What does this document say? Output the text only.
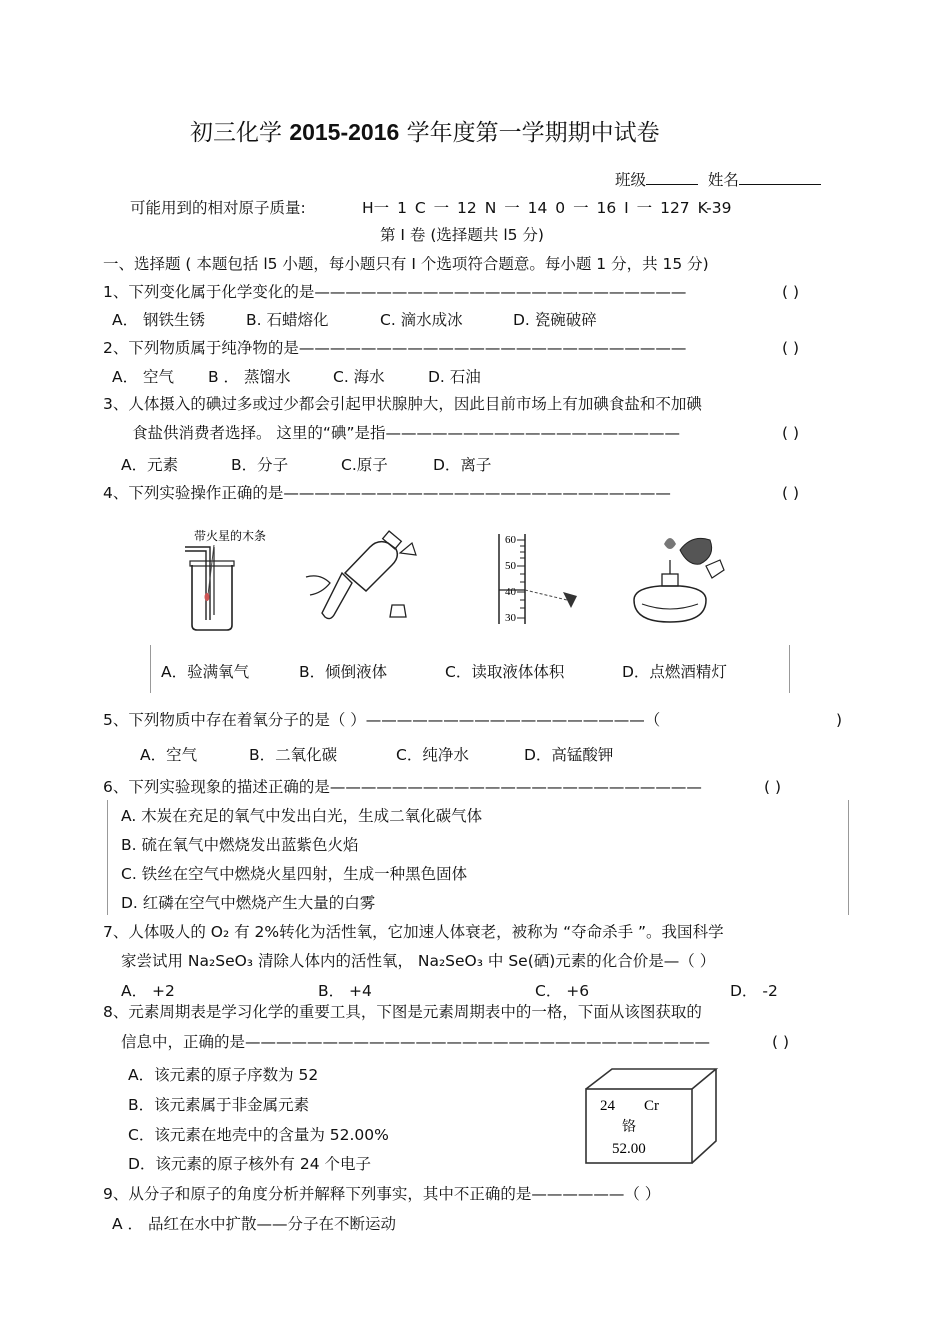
初三化学 2015-2016 学年度第一学期期中试卷
班级	姓名
可能用到的相对原子质量:	H一 1 C 一 12 N 一 14 0 一 16 I 一 127 K-39
第 I 卷 (选择题共 l5 分)
一、选择题 ( 本题包括 l5 小题，每小题只有 I 个选项符合题意。每小题 1 分，共 15 分)
1、下列变化属于化学变化的是————————————————————————	( )
A． 钢铁生锈	B. 石蜡熔化	C. 滴水成冰	D. 瓷碗破碎
2、下列物质属于纯净物的是—————————————————————————	( )
A． 空气 B ． 蒸馏水	C. 海水	D. 石油
3、人体摄入的碘过多或过少都会引起甲状腺肿大，因此目前市场上有加碘食盐和不加碘
食盐供消费者选择。 这里的“碘”是指———————————————————	( )
A．元素	B．分子	C.原子	D．离子
4、下列实验操作正确的是—————————————————————————	( )
带火星的木条	60
50
40
30
A．验满氧气	B．倾倒液体	C．读取液体体积	D．点燃酒精灯
5、下列物质中存在着氧分子的是（ ）——————————————————（	)
A．空气	B．二氧化碳	C．纯净水	D．高锰酸钾
6、下列实验现象的描述正确的是————————————————————————	( )
A. 木炭在充足的氧气中发出白光，生成二氧化碳气体
B. 硫在氧气中燃烧发出蓝紫色火焰
C. 铁丝在空气中燃烧火星四射，生成一种黑色固体
D. 红磷在空气中燃烧产生大量的白雾
7、人体吸人的 O₂ 有 2%转化为活性氧，它加速人体衰老，被称为 “夺命杀手 ”。我国科学
家尝试用 Na₂SeO₃ 清除人体内的活性氧， Na₂SeO₃ 中 Se(硒)元素的化合价是—（ ）
A． +2	B． +4	C． +6	D． -2
8、元素周期表是学习化学的重要工具，下图是元素周期表中的一格，下面从该图获取的
信息中，正确的是——————————————————————————————	( )
A．该元素的原子序数为 52
B．该元素属于非金属元素
C．该元素在地壳中的含量为 52.00%
D．该元素的原子核外有 24 个电子
24 Cr
铬
52.00
9、从分子和原子的角度分析并解释下列事实，其中不正确的是——————（ ）
A ． 品红在水中扩散——分子在不断运动
